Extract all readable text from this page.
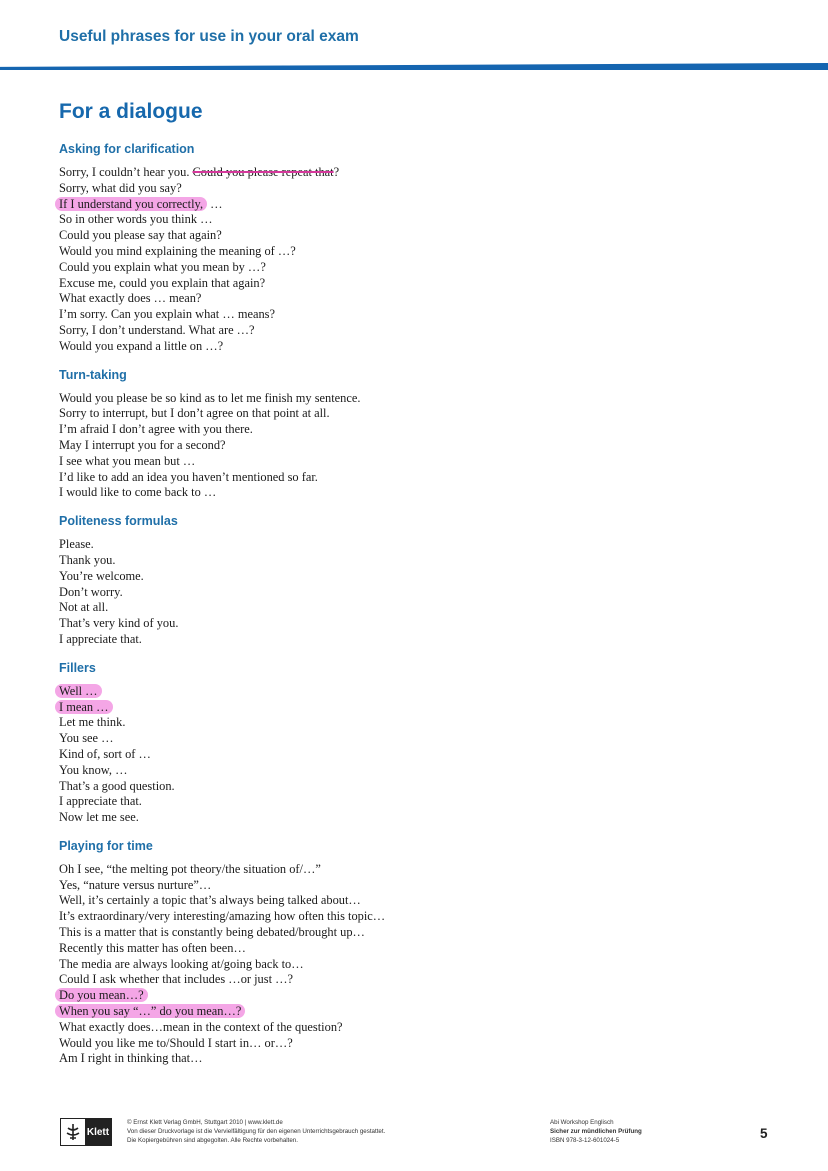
Useful phrases for use in your oral exam
For a dialogue
Asking for clarification
Sorry, I couldn’t hear you. Could you please repeat that?
Sorry, what did you say?
If I understand you correctly, …
So in other words you think …
Could you please say that again?
Would you mind explaining the meaning of …?
Could you explain what you mean by …?
Excuse me, could you explain that again?
What exactly does … mean?
I’m sorry. Can you explain what … means?
Sorry, I don’t understand. What are …?
Would you expand a little on …?
Turn-taking
Would you please be so kind as to let me finish my sentence.
Sorry to interrupt, but I don’t agree on that point at all.
I’m afraid I don’t agree with you there.
May I interrupt you for a second?
I see what you mean but …
I’d like to add an idea you haven’t mentioned so far.
I would like to come back to …
Politeness formulas
Please.
Thank you.
You’re welcome.
Don’t worry.
Not at all.
That’s very kind of you.
I appreciate that.
Fillers
Well …
I mean …
Let me think.
You see …
Kind of, sort of …
You know, …
That’s a good question.
I appreciate that.
Now let me see.
Playing for time
Oh I see, “the melting pot theory/the situation of/…”
Yes, “nature versus nurture”…
Well, it’s certainly a topic that’s always being talked about…
It’s extraordinary/very interesting/amazing how often this topic…
This is a matter that is constantly being debated/brought up…
Recently this matter has often been…
The media are always looking at/going back to…
Could I ask whether that includes …or just …?
Do you mean…?
When you say “…” do you mean…?
What exactly does…mean in the context of the question?
Would you like me to/Should I start in… or…?
Am I right in thinking that…
Klett
© Ernst Klett Verlag GmbH, Stuttgart 2010 | www.klett.de
Von dieser Druckvorlage ist die Vervielfältigung für den eigenen Unterrichtsgebrauch gestattet.
Die Kopiergebühren sind abgegolten. Alle Rechte vorbehalten.
Abi Workshop Englisch
Sicher zur mündlichen Prüfung
ISBN 978-3-12-601024-5	5
